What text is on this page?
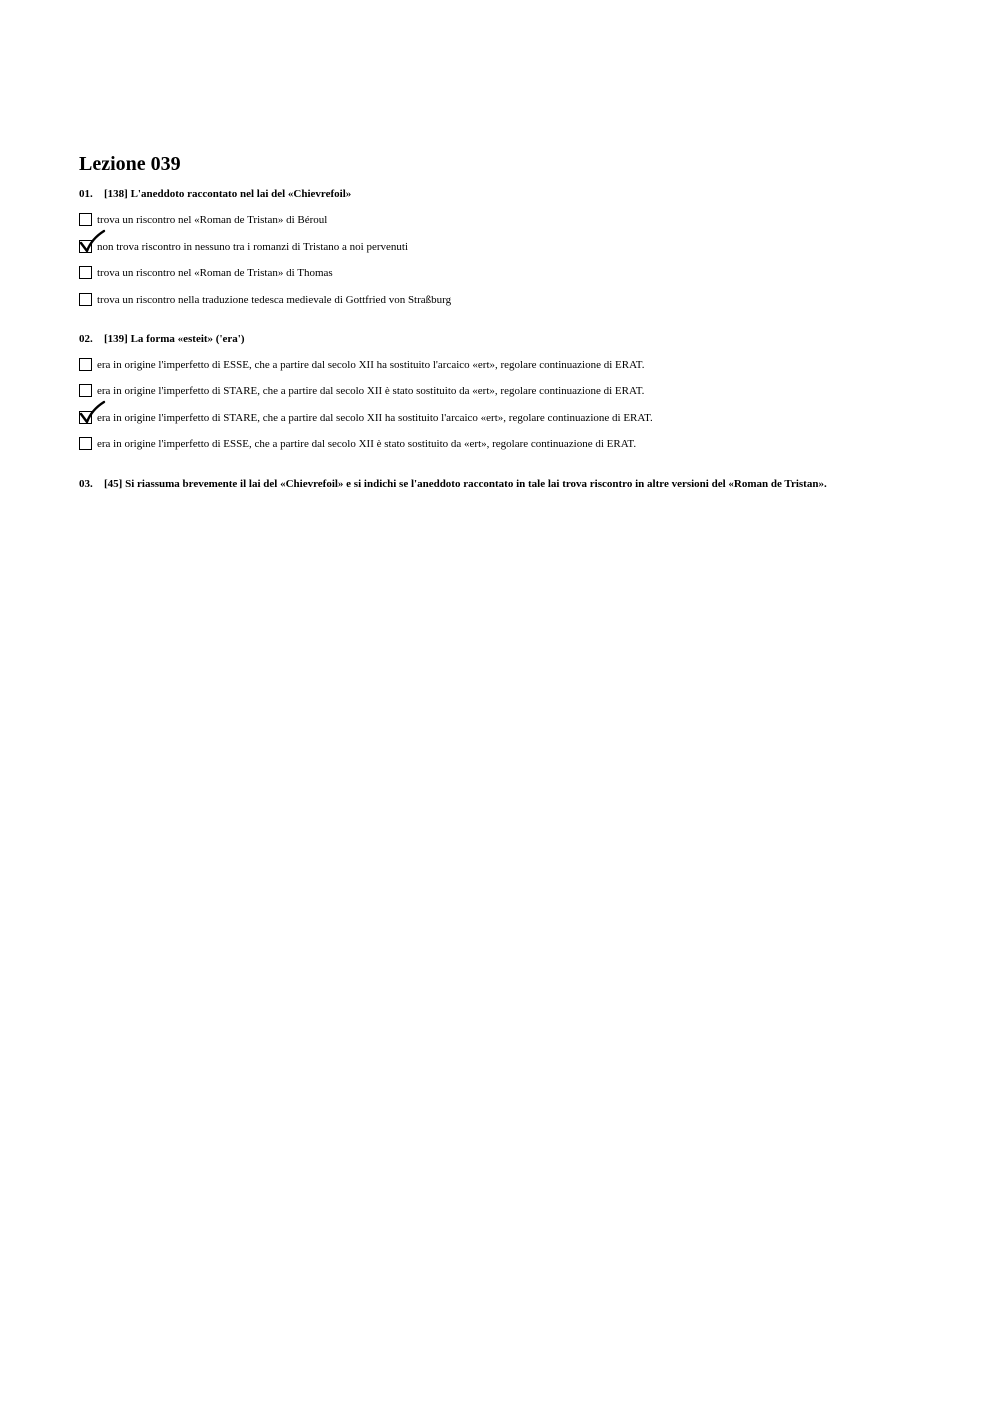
Lezione 039
01. [138] L'aneddoto raccontato nel lai del «Chievrefoil»
trova un riscontro nel «Roman de Tristan» di Béroul
non trova riscontro in nessuno tra i romanzi di Tristano a noi pervenuti
trova un riscontro nel «Roman de Tristan» di Thomas
trova un riscontro nella traduzione tedesca medievale di Gottfried von Straßburg
02. [139] La forma «esteit» ('era')
era in origine l'imperfetto di ESSE, che a partire dal secolo XII ha sostituito l'arcaico «ert», regolare continuazione di ERAT.
era in origine l'imperfetto di STARE, che a partire dal secolo XII è stato sostituito da «ert», regolare continuazione di ERAT.
era in origine l'imperfetto di STARE, che a partire dal secolo XII ha sostituito l'arcaico «ert», regolare continuazione di ERAT.
era in origine l'imperfetto di ESSE, che a partire dal secolo XII è stato sostituito da «ert», regolare continuazione di ERAT.
03. [45] Si riassuma brevemente il lai del «Chievrefoil» e si indichi se l'aneddoto raccontato in tale lai trova riscontro in altre versioni del «Roman de Tristan».
